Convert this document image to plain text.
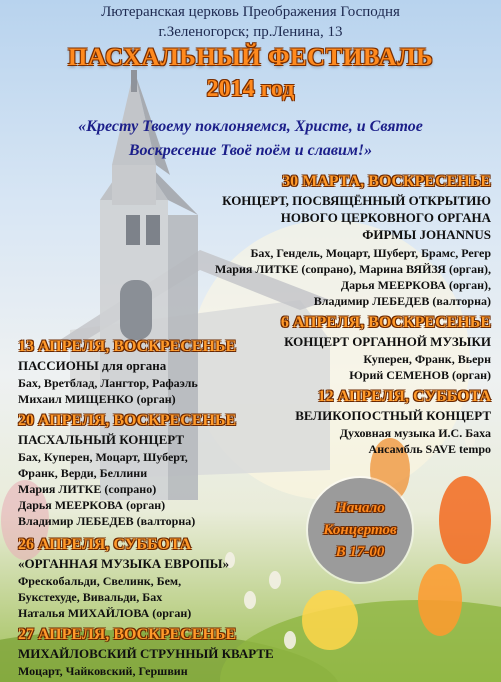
Лютеранская церковь Преображения Господня
г.Зеленогорск; пр.Ленина, 13
ПАСХАЛЬНЫЙ ФЕСТИВАЛЬ
2014 год
«Кресту Твоему поклоняемся, Христе, и Святое
Воскресение Твоё поём и славим!»
30 МАРТА, ВОСКРЕСЕНЬЕ
КОНЦЕРТ, ПОСВЯЩЁННЫЙ ОТКРЫТИЮ
НОВОГО ЦЕРКОВНОГО ОРГАНА
ФИРМЫ JOHANNUS
Бах, Гендель, Моцарт, Шуберт, Брамс, Регер
Мария ЛИТКЕ (сопрано), Марина ВЯЙЗЯ (орган),
Дарья МЕЕРКОВА (орган),
Владимир ЛЕБЕДЕВ (валторна)
6 АПРЕЛЯ, ВОСКРЕСЕНЬЕ
КОНЦЕРТ ОРГАННОЙ МУЗЫКИ
Куперен, Франк, Вьерн
Юрий СЕМЕНОВ (орган)
13 АПРЕЛЯ, ВОСКРЕСЕНЬЕ
ПАССИОНЫ для органа
Бах, Вретблад, Лангтор, Рафаэль
Михаил МИЩЕНКО (орган)	12 АПРЕЛЯ, СУББОТА
ВЕЛИКОПОСТНЫЙ КОНЦЕРТ
Духовная музыка И.С. Баха
Ансамбль SAVE tempo
20 АПРЕЛЯ, ВОСКРЕСЕНЬЕ
ПАСХАЛЬНЫЙ КОНЦЕРТ
Бах, Куперен, Моцарт, Шуберт,
Франк, Верди, Беллини
Мария ЛИТКЕ (сопрано)
Дарья МЕЕРКОВА (орган)
Владимир ЛЕБЕДЕВ (валторна)
26 АПРЕЛЯ, СУББОТА
«ОРГАННАЯ МУЗЫКА ЕВРОПЫ»
Фрескобальди, Свелинк, Бем,
Букстехуде, Вивальди, Бах
Наталья МИХАЙЛОВА (орган)
27 АПРЕЛЯ, ВОСКРЕСЕНЬЕ
МИХАЙЛОВСКИЙ СТРУННЫЙ КВАРТЕ
Моцарт, Чайковский, Гершвин
Начало
Концертов
В 17-00
